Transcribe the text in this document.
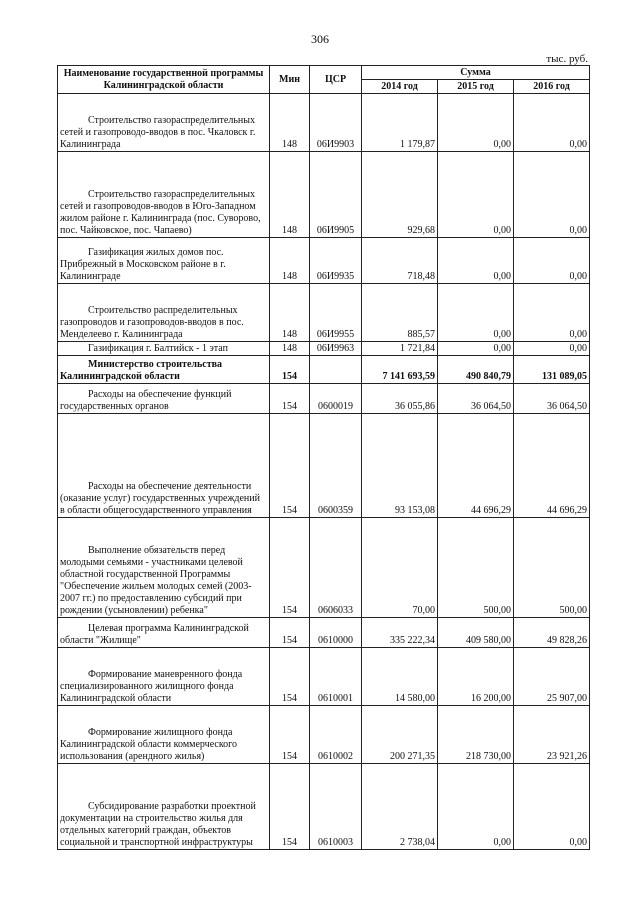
306
тыс. руб.
Наименование государственной программы Калининградской области	Мин	ЦСР	Сумма		
			2014 год	2015 год	2016 год
Строительство газораспределительных сетей и газопроводо-вводов в пос. Чкаловск г. Калининграда	148	06И9903	1 179,87	0,00	0,00
Строительство газораспределительных сетей и газопроводов-вводов в Юго-Западном жилом районе г. Калининграда (пос. Суворово, пос. Чайковское, пос. Чапаево)	148	06И9905	929,68	0,00	0,00
Газификация жилых домов пос. Прибрежный в Московском районе в г. Калининграде	148	06И9935	718,48	0,00	0,00
Строительство распределительных газопроводов и газопроводов-вводов в пос. Менделеево г. Калининграда	148	06И9955	885,57	0,00	0,00
Газификация г. Балтийск - 1 этап	148	06И9963	1 721,84	0,00	0,00
Министерство строительства Калининградской области	154		7 141 693,59	490 840,79	131 089,05
Расходы на обеспечение функций государственных органов	154	0600019	36 055,86	36 064,50	36 064,50
Расходы на обеспечение деятельности (оказание услуг) государственных учреждений в области общегосударственного управления	154	0600359	93 153,08	44 696,29	44 696,29
Выполнение обязательств перед молодыми семьями - участниками целевой областной государственной Программы "Обеспечение жильем молодых семей (2003-2007 гг.) по предоставлению субсидий при рождении (усыновлении) ребенка"	154	0606033	70,00	500,00	500,00
Целевая программа Калининградской области "Жилище"	154	0610000	335 222,34	409 580,00	49 828,26
Формирование маневренного фонда специализированного жилищного фонда Калининградской области	154	0610001	14 580,00	16 200,00	25 907,00
Формирование жилищного фонда Калининградской области коммерческого использования (арендного жилья)	154	0610002	200 271,35	218 730,00	23 921,26
Субсидирование разработки проектной документации на строительство жилья для отдельных категорий граждан, объектов социальной и транспортной инфраструктуры	154	0610003	2 738,04	0,00	0,00
